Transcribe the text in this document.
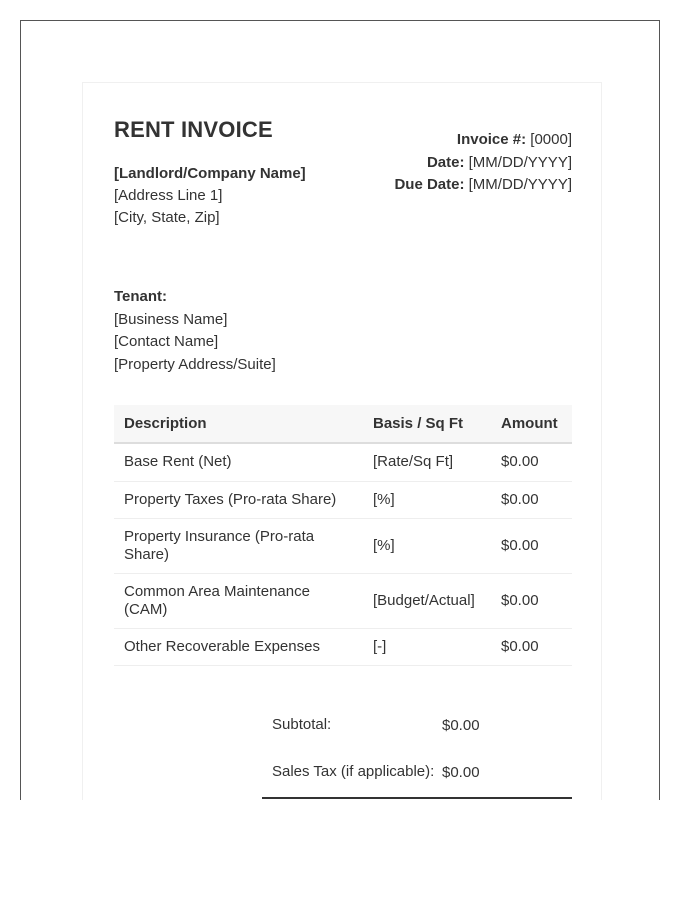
RENT INVOICE
[Landlord/Company Name]
[Address Line 1]
[City, State, Zip]
Invoice #: [0000]
Date: [MM/DD/YYYY]
Due Date: [MM/DD/YYYY]
Tenant:
[Business Name]
[Contact Name]
[Property Address/Suite]
Description	Basis / Sq Ft	Amount
Base Rent (Net)	[Rate/Sq Ft]	$0.00
Property Taxes (Pro-rata Share)	[%]	$0.00
Property Insurance (Pro-rata Share)	[%]	$0.00
Common Area Maintenance (CAM)	[Budget/Actual]	$0.00
Other Recoverable Expenses	[-]	$0.00
Subtotal:	$0.00
Sales Tax (if applicable): $0.00
